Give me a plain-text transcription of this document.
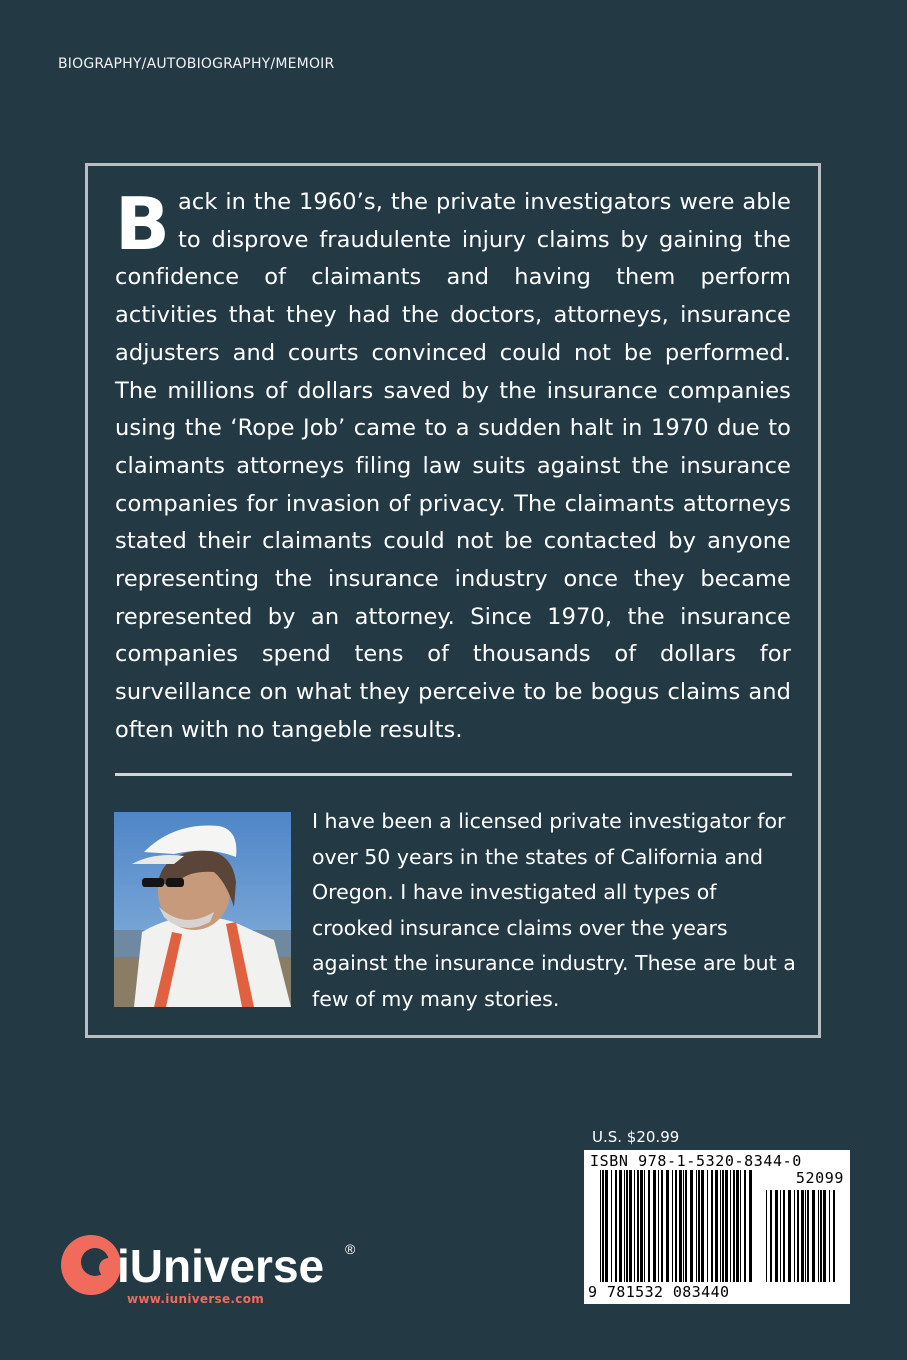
BIOGRAPHY/AUTOBIOGRAPHY/MEMOIR
Back in the 1960’s, the private investigators were able to disprove fraudulente injury claims by gaining the confidence of claimants and having them perform activities that they had the doctors, attorneys, insurance adjusters and courts convinced could not be performed. The millions of dollars saved by the insurance companies using the ‘Rope Job’ came to a sudden halt in 1970 due to claimants attorneys filing law suits against the insurance companies for invasion of privacy. The claimants attorneys stated their claimants could not be contacted by anyone representing the insurance industry once they became represented by an attorney. Since 1970, the insurance companies spend tens of thousands of dollars for surveillance on what they perceive to be bogus claims and often with no tangeble results.
I have been a licensed private investigator for over 50 years in the states of California and Oregon. I have investigated all types of crooked insurance claims over the years against the insurance industry. These are but a few of my many stories.
U.S. $20.99
ISBN 978-1-5320-8344-0
52099
9 781532 083440
iUniverse ®
www.iuniverse.com
